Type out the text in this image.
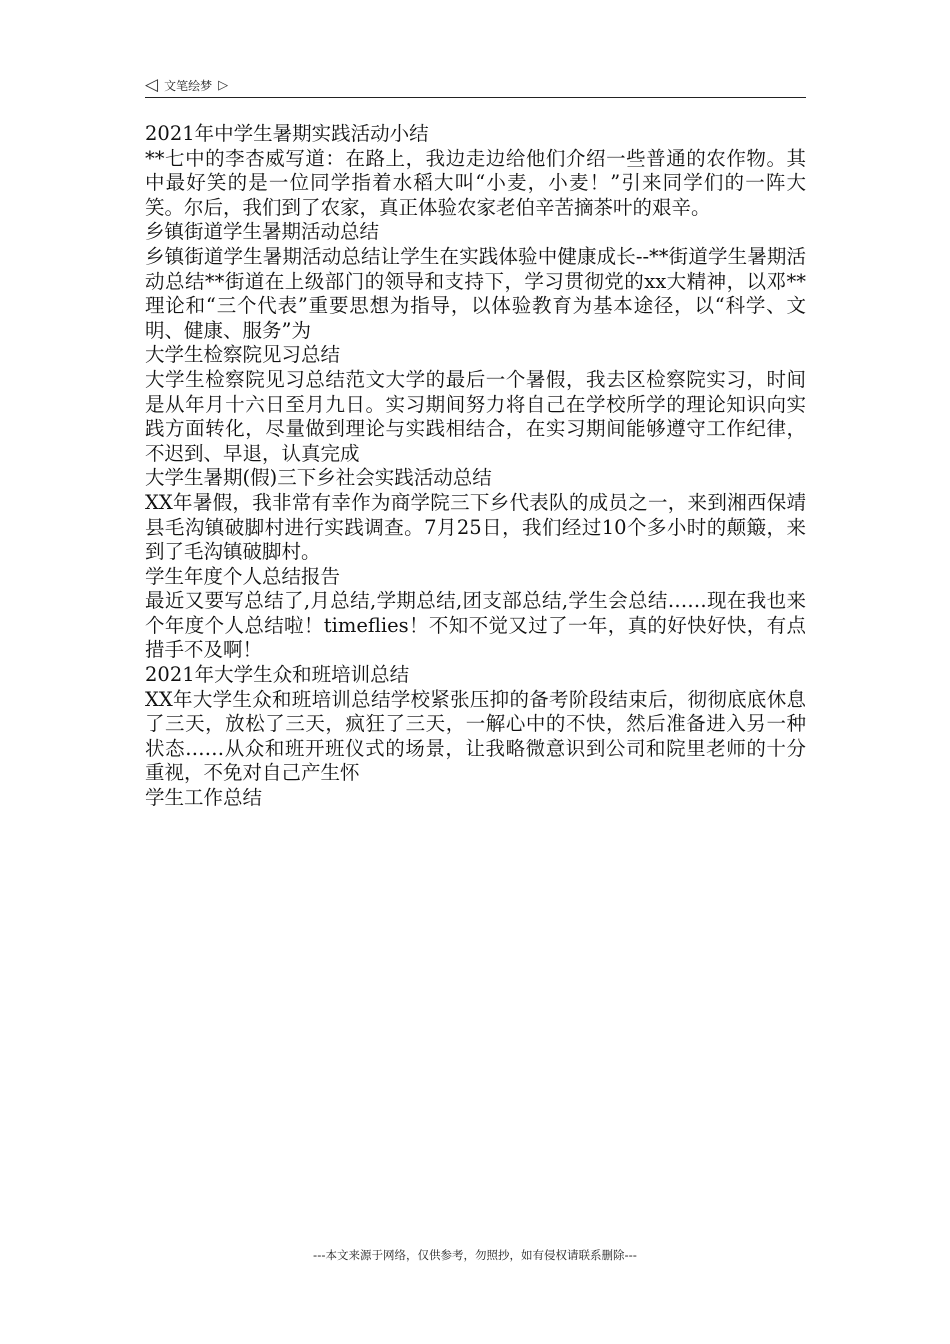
◁ 文笔绘梦 ▷

2021年中学生暑期实践活动小结

**七中的李杏威写道：在路上，我边走边给他们介绍一些普通的农作物。其中最好笑的是一位同学指着水稻大叫“小麦，小麦！”引来同学们的一阵大笑。尔后，我们到了农家，真正体验农家老伯辛苦摘茶叶的艰辛。

乡镇街道学生暑期活动总结

乡镇街道学生暑期活动总结让学生在实践体验中健康成长--**街道学生暑期活动总结**街道在上级部门的领导和支持下，学习贯彻党的xx大精神，以邓**理论和“三个代表”重要思想为指导，以体验教育为基本途径，以“科学、文明、健康、服务”为

大学生检察院见习总结

大学生检察院见习总结范文大学的最后一个暑假，我去区检察院实习，时间是从年月十六日至月九日。实习期间努力将自己在学校所学的理论知识向实践方面转化，尽量做到理论与实践相结合，在实习期间能够遵守工作纪律，不迟到、早退，认真完成

大学生暑期(假)三下乡社会实践活动总结

XX年暑假，我非常有幸作为商学院三下乡代表队的成员之一，来到湘西保靖县毛沟镇破脚村进行实践调查。7月25日，我们经过10个多小时的颠簸，来到了毛沟镇破脚村。

学生年度个人总结报告

最近又要写总结了,月总结,学期总结,团支部总结,学生会总结……现在我也来个年度个人总结啦！timeflies！不知不觉又过了一年，真的好快好快，有点措手不及啊！

2021年大学生众和班培训总结

XX年大学生众和班培训总结学校紧张压抑的备考阶段结束后，彻彻底底休息了三天，放松了三天，疯狂了三天，一解心中的不快，然后准备进入另一种状态……从众和班开班仪式的场景，让我略微意识到公司和院里老师的十分重视，不免对自己产生怀

学生工作总结

---本文来源于网络，仅供参考，勿照抄，如有侵权请联系删除---
